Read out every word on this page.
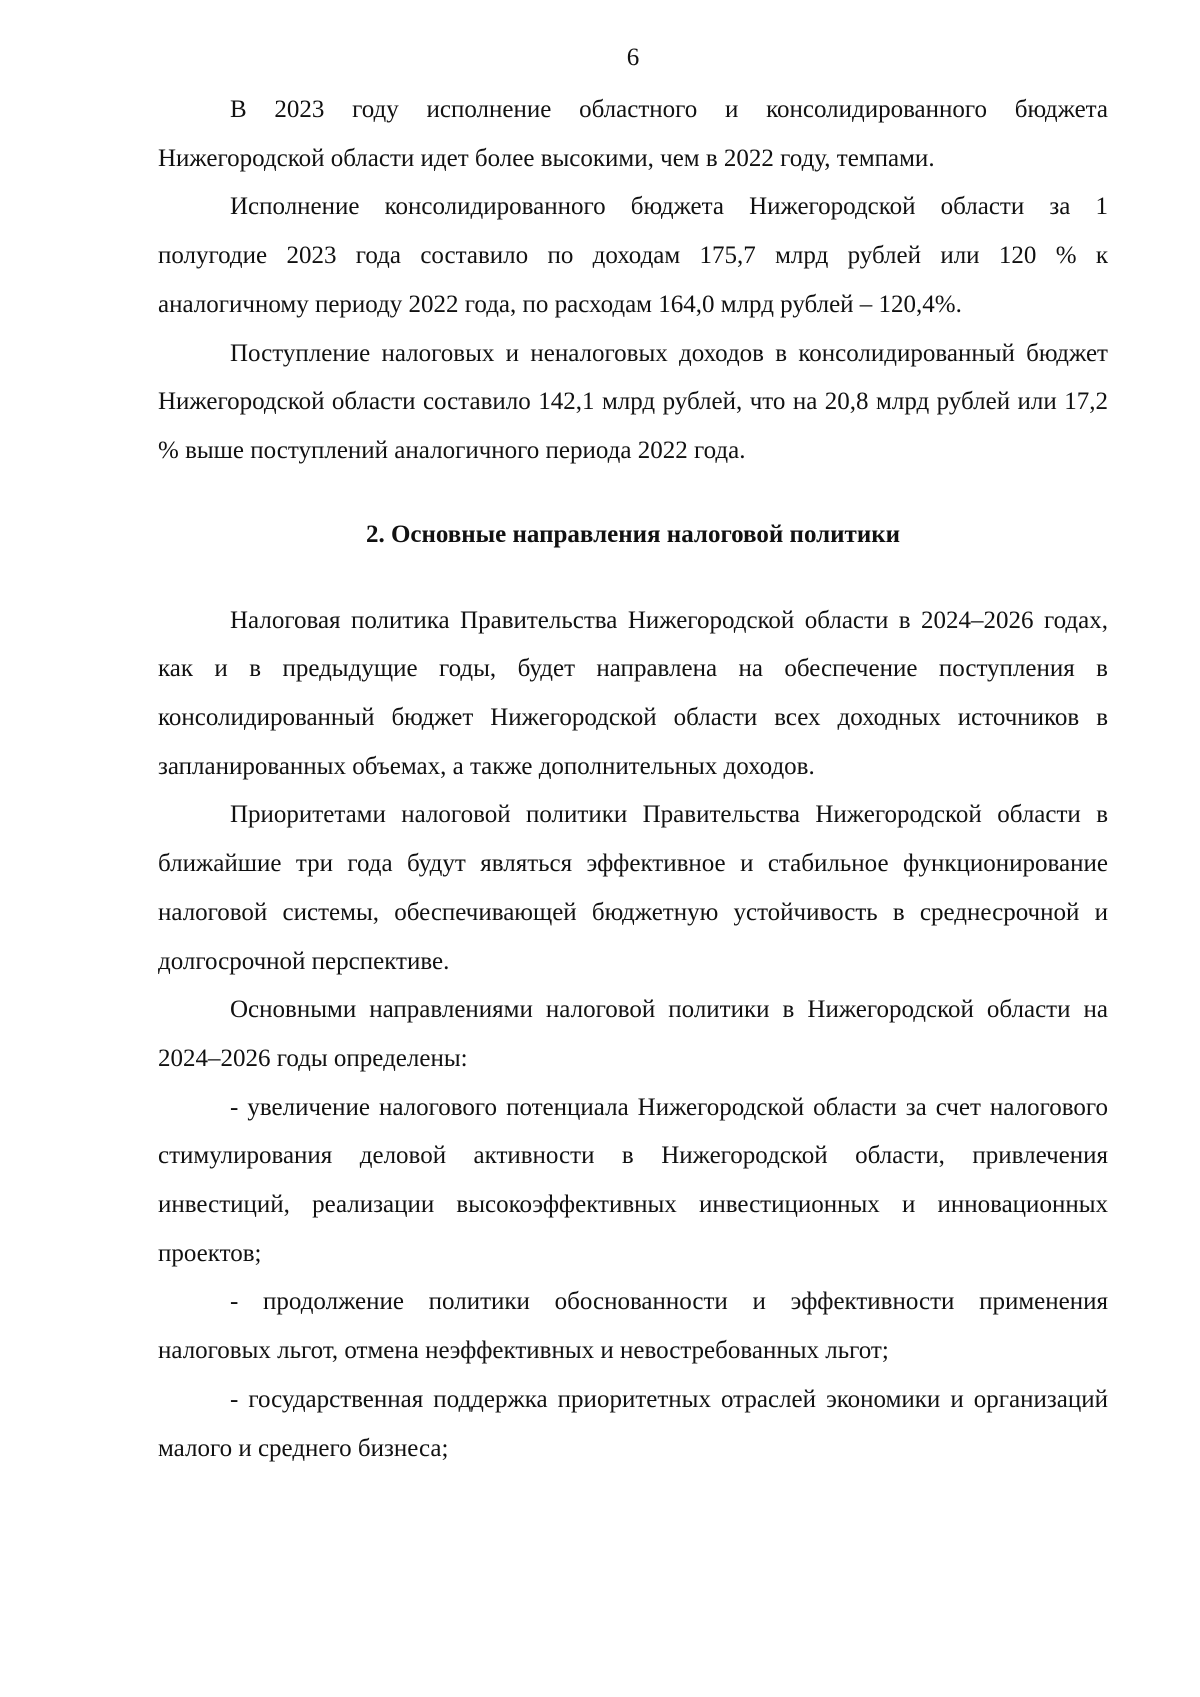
6

В 2023 году исполнение областного и консолидированного бюджета Нижегородской области идет более высокими, чем в 2022 году, темпами.

Исполнение консолидированного бюджета Нижегородской области за 1 полугодие 2023 года составило по доходам 175,7 млрд рублей или 120 % к аналогичному периоду 2022 года, по расходам 164,0 млрд рублей – 120,4%.

Поступление налоговых и неналоговых доходов в консолидированный бюджет Нижегородской области составило 142,1 млрд рублей, что на 20,8 млрд рублей или 17,2 % выше поступлений аналогичного периода 2022 года.

2. Основные направления налоговой политики

Налоговая политика Правительства Нижегородской области в 2024–2026 годах, как и в предыдущие годы, будет направлена на обеспечение поступления в консолидированный бюджет Нижегородской области всех доходных источников в запланированных объемах, а также дополнительных доходов.

Приоритетами налоговой политики Правительства Нижегородской области в ближайшие три года будут являться эффективное и стабильное функционирование налоговой системы, обеспечивающей бюджетную устойчивость в среднесрочной и долгосрочной перспективе.

Основными направлениями налоговой политики в Нижегородской области на 2024–2026 годы определены:

- увеличение налогового потенциала Нижегородской области за счет налогового стимулирования деловой активности в Нижегородской области, привлечения инвестиций, реализации высокоэффективных инвестиционных и инновационных проектов;

- продолжение политики обоснованности и эффективности применения налоговых льгот, отмена неэффективных и невостребованных льгот;

- государственная поддержка приоритетных отраслей экономики и организаций малого и среднего бизнеса;
